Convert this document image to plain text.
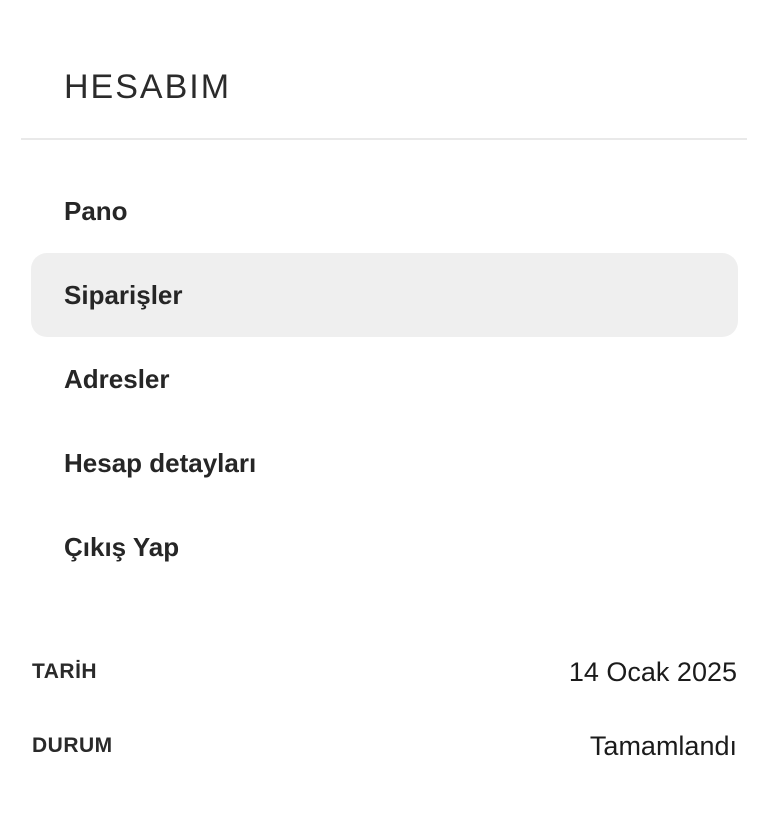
HESABIM
Pano
Siparişler
Adresler
Hesap detayları
Çıkış Yap
TARİH	14 Ocak 2025
DURUM	Tamamlandı
